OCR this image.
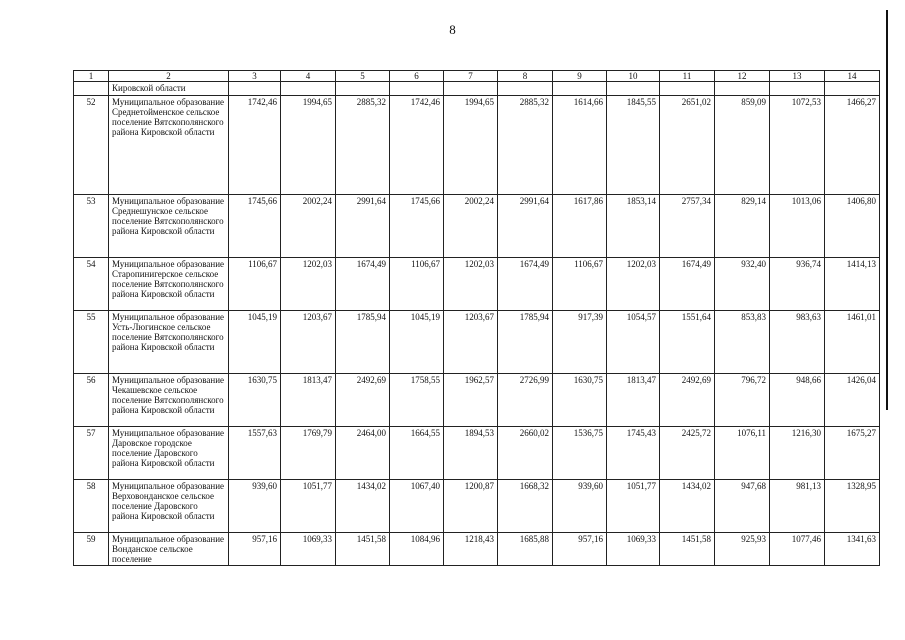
8
1	2	3	4	5	6	7	8	9	10	11	12	13	14
	Кировской области												
52	Муниципальное образование Среднетойменское сельское поселение Вятскополянского района Кировской области	1742,46	1994,65	2885,32	1742,46	1994,65	2885,32	1614,66	1845,55	2651,02	859,09	1072,53	1466,27
53	Муниципальное образование Среднешунское сельское поселение Вятскополянского района Кировской области	1745,66	2002,24	2991,64	1745,66	2002,24	2991,64	1617,86	1853,14	2757,34	829,14	1013,06	1406,80
54	Муниципальное образование Старопинигерское сельское поселение Вятскополянского района Кировской области	1106,67	1202,03	1674,49	1106,67	1202,03	1674,49	1106,67	1202,03	1674,49	932,40	936,74	1414,13
55	Муниципальное образование Усть-Люгинское сельское поселение Вятскополянского района Кировской области	1045,19	1203,67	1785,94	1045,19	1203,67	1785,94	917,39	1054,57	1551,64	853,83	983,63	1461,01
56	Муниципальное образование Чекашевское сельское поселение Вятскополянского района Кировской области	1630,75	1813,47	2492,69	1758,55	1962,57	2726,99	1630,75	1813,47	2492,69	796,72	948,66	1426,04
57	Муниципальное образование Даровское городское поселение Даровского района Кировской области	1557,63	1769,79	2464,00	1664,55	1894,53	2660,02	1536,75	1745,43	2425,72	1076,11	1216,30	1675,27
58	Муниципальное образование Верховонданское сельское поселение Даровского района Кировской области	939,60	1051,77	1434,02	1067,40	1200,87	1668,32	939,60	1051,77	1434,02	947,68	981,13	1328,95
59	Муниципальное образование Вонданское сельское поселение	957,16	1069,33	1451,58	1084,96	1218,43	1685,88	957,16	1069,33	1451,58	925,93	1077,46	1341,63
